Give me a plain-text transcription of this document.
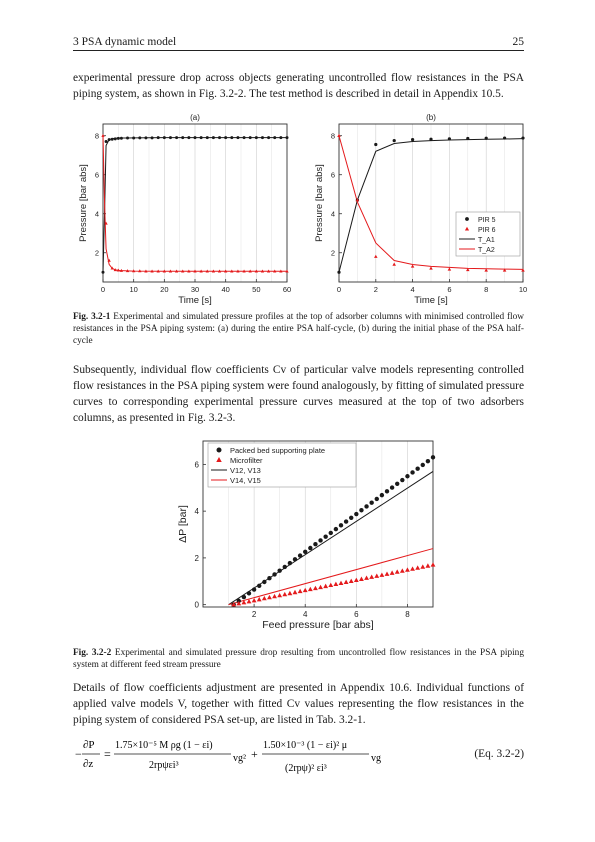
3 PSA dynamic model	25

experimental pressure drop across objects generating uncontrolled flow resistances in the PSA piping system, as shown in Fig. 3.2-2. The test method is described in detail in Appendix 10.5.

0	10	20	30	40	50	60
2
4
6
8
Time [s]
Pressure [bar abs]
(a)
0	2	4	6	8	10
2
4
6
8
Time [s]
Pressure [bar abs]
(b)
PIR 5
PIR 6
T_A1
T_A2

Fig. 3.2-1 Experimental and simulated pressure profiles at the top of adsorber columns with minimised controlled flow resistances in the PSA piping system: (a) during the entire PSA half-cycle, (b) during the initial phase of the PSA half-cycle

Subsequently, individual flow coefficients Cv of particular valve models representing controlled flow resistances in the PSA piping system were found analogously, by fitting of simulated pressure curves to corresponding experimental pressure curves measured at the top of two adsorbers columns, as presented in Fig. 3.2-3.

2	4	6	8
0
2
4
6
Feed pressure [bar abs]
ΔP [bar]
Packed bed supporting plate
Microfilter
V12, V13
V14, V15

Fig. 3.2-2 Experimental and simulated pressure drop resulting from uncontrolled flow resistances in the PSA piping system at different feed stream pressure

Details of flow coefficients adjustment are presented in Appendix 10.6. Individual functions of applied valve models V, together with fitted Cv values representing the flow resistances in the piping system of considered PSA set-up, are listed in Tab. 3.2-1.

−
∂P
∂z
=
1.75×10⁻⁵ M ρg (1 − εi)
2rpψεi³
vg² +
1.50×10⁻³ (1 − εi)² μ
(2rpψ)² εi³
vg	(Eq. 3.2-2)
